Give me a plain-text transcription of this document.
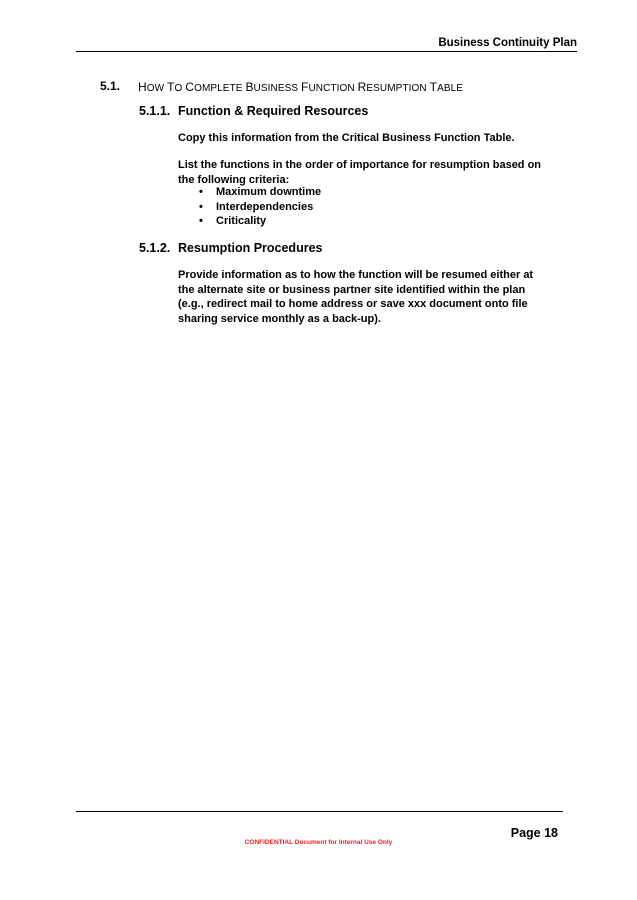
Business Continuity Plan
5.1. HOW TO COMPLETE BUSINESS FUNCTION RESUMPTION TABLE
5.1.1. Function & Required Resources
Copy this information from the Critical Business Function Table.
List the functions in the order of importance for resumption based on the following criteria:
• Maximum downtime
• Interdependencies
• Criticality
5.1.2. Resumption Procedures
Provide information as to how the function will be resumed either at the alternate site or business partner site identified within the plan (e.g., redirect mail to home address or save xxx document onto file sharing service monthly as a back-up).
Page 18
CONFIDENTIAL Document for Internal Use Only
